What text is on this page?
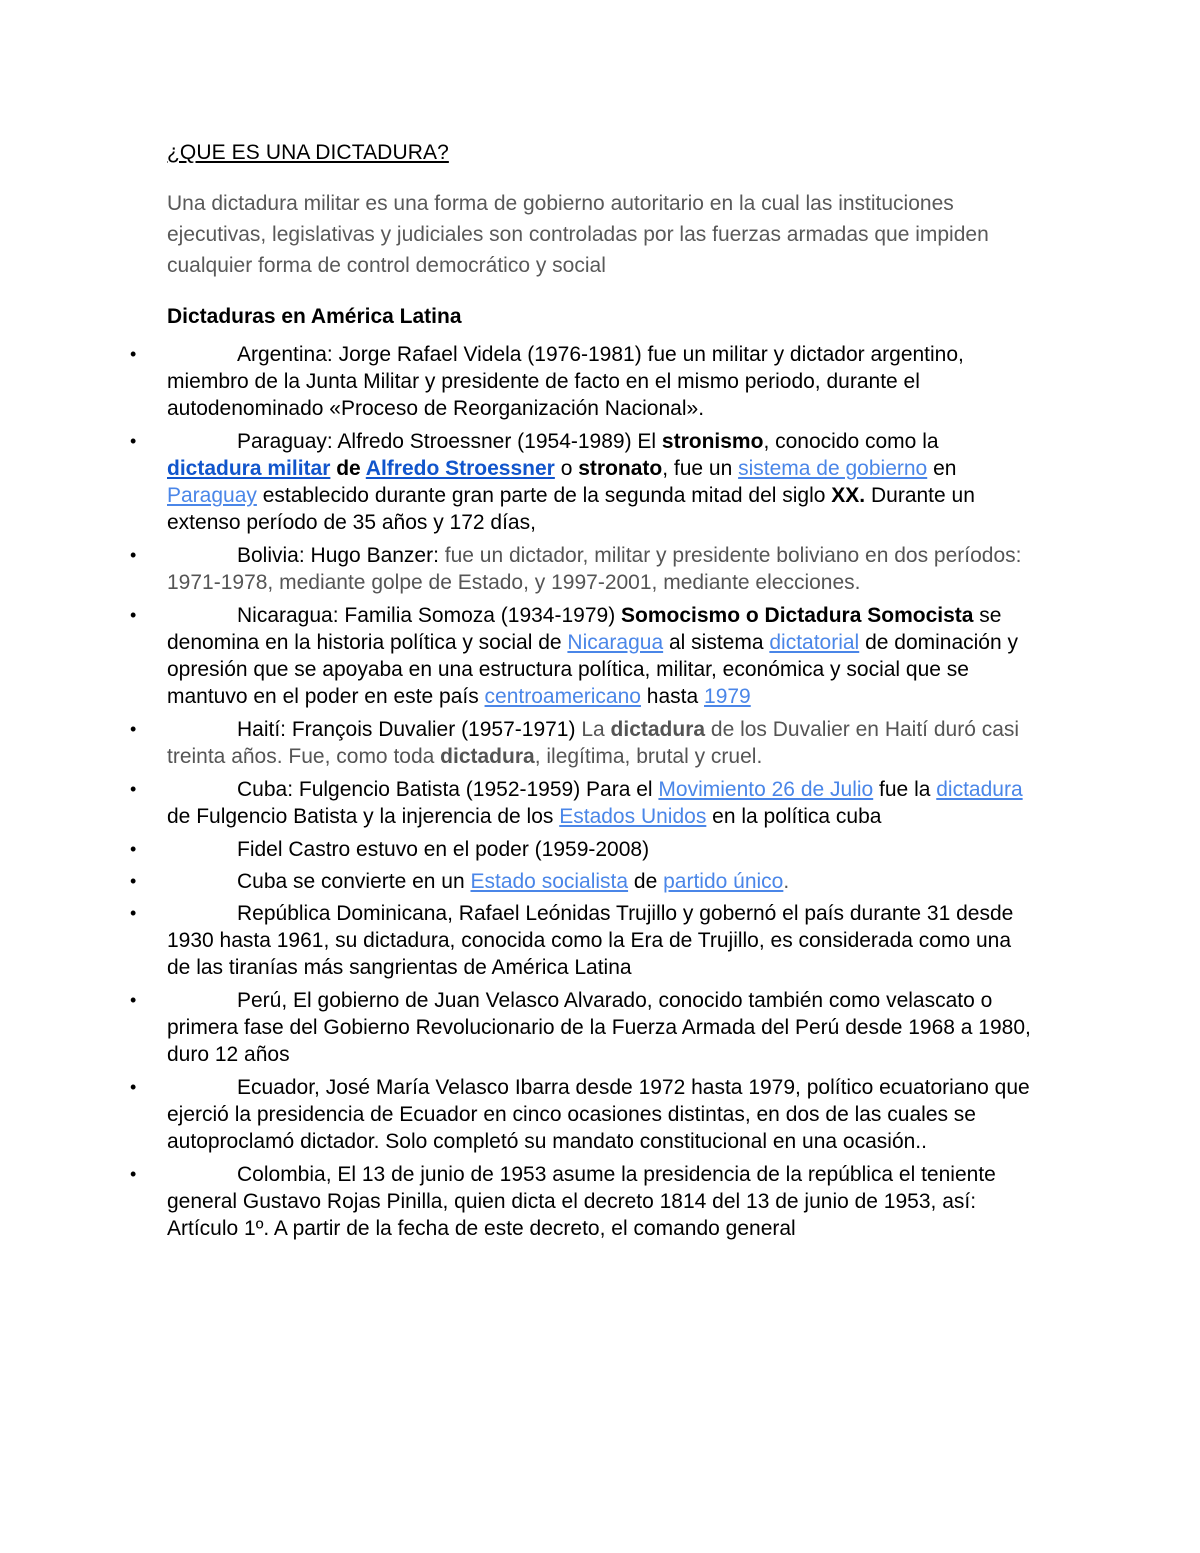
¿QUE ES UNA DICTADURA?

Una dictadura militar es una forma de gobierno autoritario en la cual las instituciones ejecutivas, legislativas y judiciales son controladas por las fuerzas armadas que impiden cualquier forma de control democrático y social

Dictaduras en América Latina
•	Argentina: Jorge Rafael Videla (1976-1981) fue un militar y dictador argentino, miembro de la Junta Militar y presidente de facto en el mismo periodo, durante el autodenominado «Proceso de Reorganización Nacional».
•	Paraguay: Alfredo Stroessner (1954-1989) El stronismo, conocido como la dictadura militar de Alfredo Stroessner o stronato, fue un sistema de gobierno en Paraguay establecido durante gran parte de la segunda mitad del siglo XX. Durante un extenso período de 35 años y 172 días,
•	Bolivia: Hugo Banzer: fue un dictador, militar y presidente boliviano en dos períodos: 1971-1978, mediante golpe de Estado, y 1997-2001, mediante elecciones.
•	Nicaragua: Familia Somoza (1934-1979) Somocismo o Dictadura Somocista se denomina en la historia política y social de Nicaragua al sistema dictatorial de dominación y opresión que se apoyaba en una estructura política, militar, económica y social que se mantuvo en el poder en este país centroamericano hasta 1979
•	Haití: François Duvalier (1957-1971) La dictadura de los Duvalier en Haití duró casi treinta años. Fue, como toda dictadura, ilegítima, brutal y cruel.
•	Cuba: Fulgencio Batista (1952-1959) Para el Movimiento 26 de Julio fue la dictadura de Fulgencio Batista y la injerencia de los Estados Unidos en la política cuba
•	Fidel Castro estuvo en el poder (1959-2008)
•	Cuba se convierte en un Estado socialista de partido único.
•	República Dominicana, Rafael Leónidas Trujillo y gobernó el país durante 31 desde 1930 hasta 1961, su dictadura, conocida como la Era de Trujillo, es considerada como una de las tiranías más sangrientas de América Latina
•	Perú, El gobierno de Juan Velasco Alvarado, conocido también como velascato o primera fase del Gobierno Revolucionario de la Fuerza Armada del Perú desde 1968 a 1980, duro 12 años
•	Ecuador, José María Velasco Ibarra desde 1972 hasta 1979, político ecuatoriano que ejerció la presidencia de Ecuador en cinco ocasiones distintas, en dos de las cuales se autoproclamó dictador. Solo completó su mandato constitucional en una ocasión..
•	Colombia, El 13 de junio de 1953 asume la presidencia de la república el teniente general Gustavo Rojas Pinilla, quien dicta el decreto 1814 del 13 de junio de 1953, así: Artículo 1º. A partir de la fecha de este decreto, el comando general
